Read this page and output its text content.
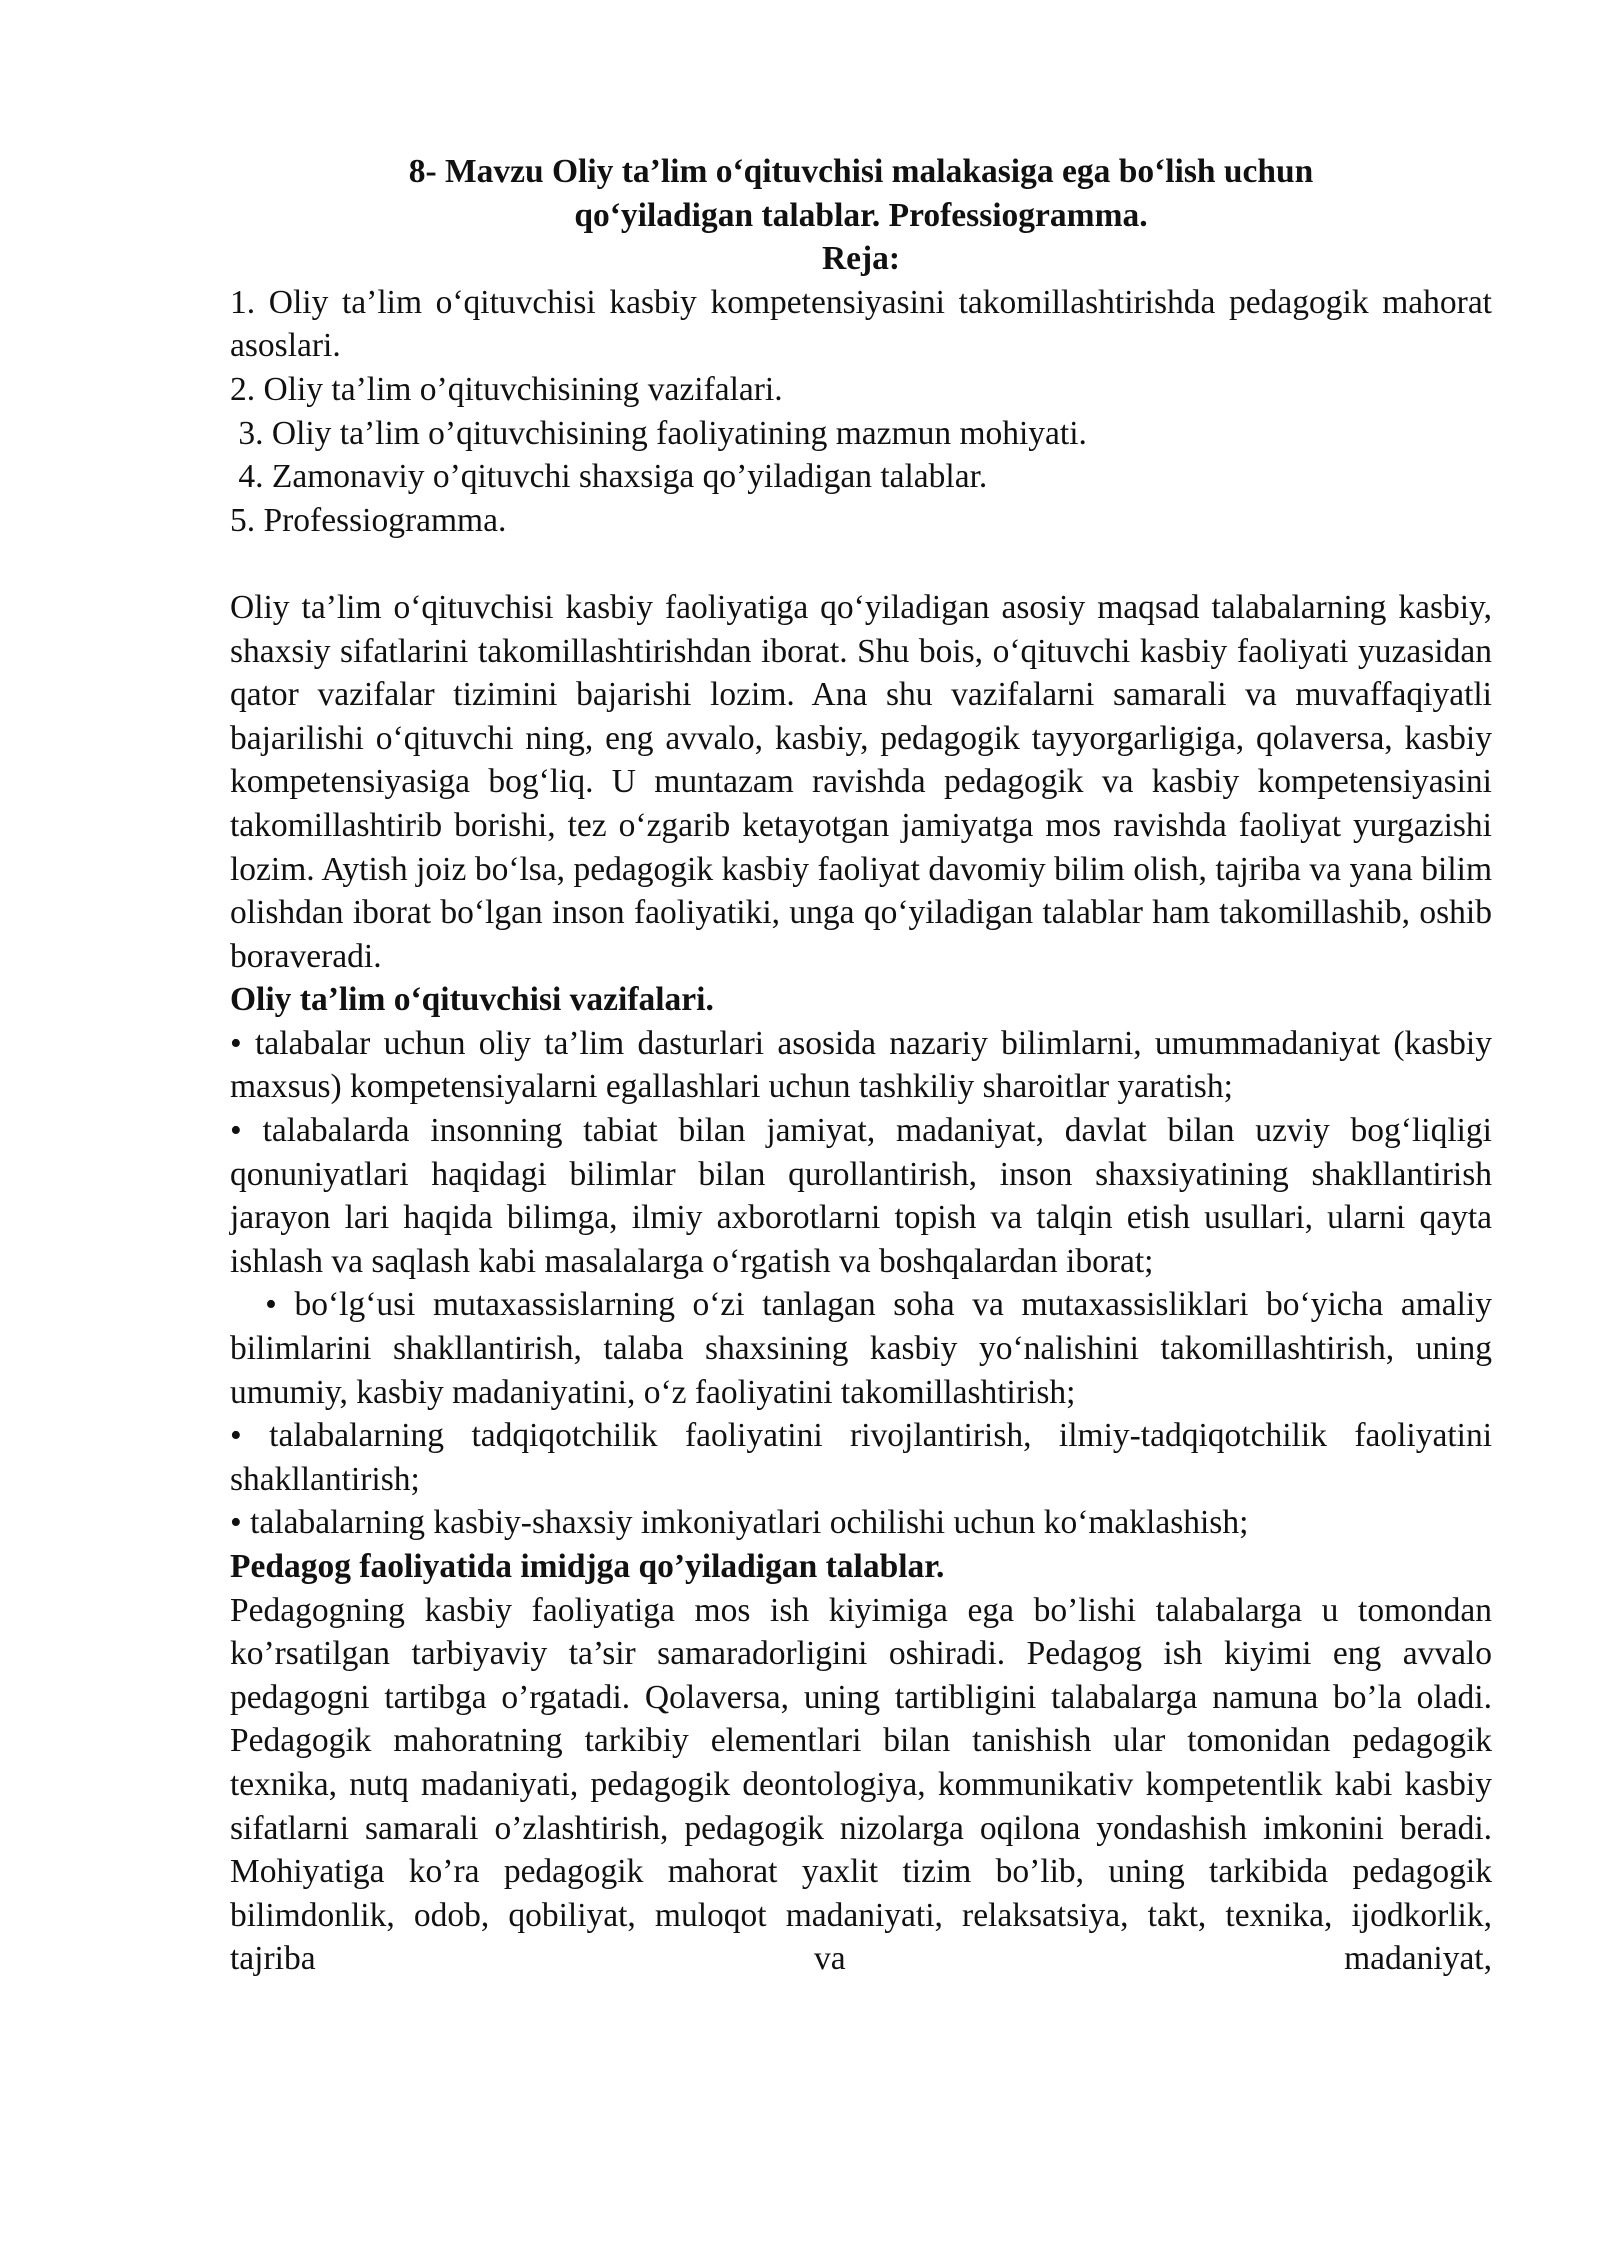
8- Mavzu Oliy ta’lim o‘qituvchisi malakasiga ega bo‘lish uchun

qo‘yiladigan talablar. Professiogramma.

Reja:

1. Oliy ta’lim o‘qituvchisi kasbiy kompetensiyasini takomillashtirishda pedagogik mahorat asoslari.

2. Oliy ta’lim o’qituvchisining vazifalari.

3. Oliy ta’lim o’qituvchisining faoliyatining mazmun mohiyati.

4. Zamonaviy o’qituvchi shaxsiga qo’yiladigan talablar.

5. Professiogramma.

Oliy ta’lim o‘qituvchisi kasbiy faoliyatiga qo‘yiladigan asosiy maqsad talabalarning kasbiy, shaxsiy sifatlarini takomillashtirishdan iborat. Shu bois, o‘qituvchi kasbiy faoliyati yuzasidan qator vazifalar tizimini bajarishi lozim. Ana shu vazifalarni samarali va muvaffaqiyatli bajarilishi o‘qituvchi ning, eng avvalo, kasbiy, pedagogik tayyorgarligiga, qolaversa, kasbiy kompetensiyasiga bog‘liq. U muntazam ravishda pedagogik va kasbiy kompetensiyasini takomillashtirib borishi, tez o‘zgarib ketayotgan jamiyatga mos ravishda faoliyat yurgazishi lozim. Aytish joiz bo‘lsa, pedagogik kasbiy faoliyat davomiy bilim olish, tajriba va yana bilim olishdan iborat bo‘lgan inson faoliyatiki, unga qo‘yiladigan talablar ham takomillashib, oshib boraveradi.

Oliy ta’lim o‘qituvchisi vazifalari.

• talabalar uchun oliy ta’lim dasturlari asosida nazariy bilimlarni, umummadaniyat (kasbiy maxsus) kompetensiyalarni egallashlari uchun tashkiliy sharoitlar yaratish;

• talabalarda insonning tabiat bilan jamiyat, madaniyat, davlat bilan uzviy bog‘liqligi qonuniyatlari haqidagi bilimlar bilan qurollantirish, inson shaxsiyatining shakllantirish jarayon lari haqida bilimga, ilmiy axborotlarni topish va talqin etish usullari, ularni qayta ishlash va saqlash kabi masalalarga o‘rgatish va boshqalardan iborat;

• bo‘lg‘usi mutaxassislarning o‘zi tanlagan soha va mutaxassisliklari bo‘yicha amaliy bilimlarini shakllantirish, talaba shaxsining kasbiy yo‘nalishini takomillashtirish, uning umumiy, kasbiy madaniyatini, o‘z faoliyatini takomillashtirish;

• talabalarning tadqiqotchilik faoliyatini rivojlantirish, ilmiy-tadqiqotchilik faoliyatini shakllantirish;

• talabalarning kasbiy-shaxsiy imkoniyatlari ochilishi uchun ko‘maklashish;

Pedagog faoliyatida imidjga qo’yiladigan talablar.

Pedagogning kasbiy faoliyatiga mos ish kiyimiga ega bo’lishi talabalarga u tomondan ko’rsatilgan tarbiyaviy ta’sir samaradorligini oshiradi. Pedagog ish kiyimi eng avvalo pedagogni tartibga o’rgatadi. Qolaversa, uning tartibligini talabalarga namuna bo’la oladi. Pedagogik mahoratning tarkibiy elementlari bilan tanishish ular tomonidan pedagogik texnika, nutq madaniyati, pedagogik deontologiya, kommunikativ kompetentlik kabi kasbiy sifatlarni samarali o’zlashtirish, pedagogik nizolarga oqilona yondashish imkonini beradi. Mohiyatiga ko’ra pedagogik mahorat yaxlit tizim bo’lib, uning tarkibida pedagogik bilimdonlik, odob, qobiliyat, muloqot madaniyati, relaksatsiya, takt, texnika, ijodkorlik, tajriba va madaniyat,
